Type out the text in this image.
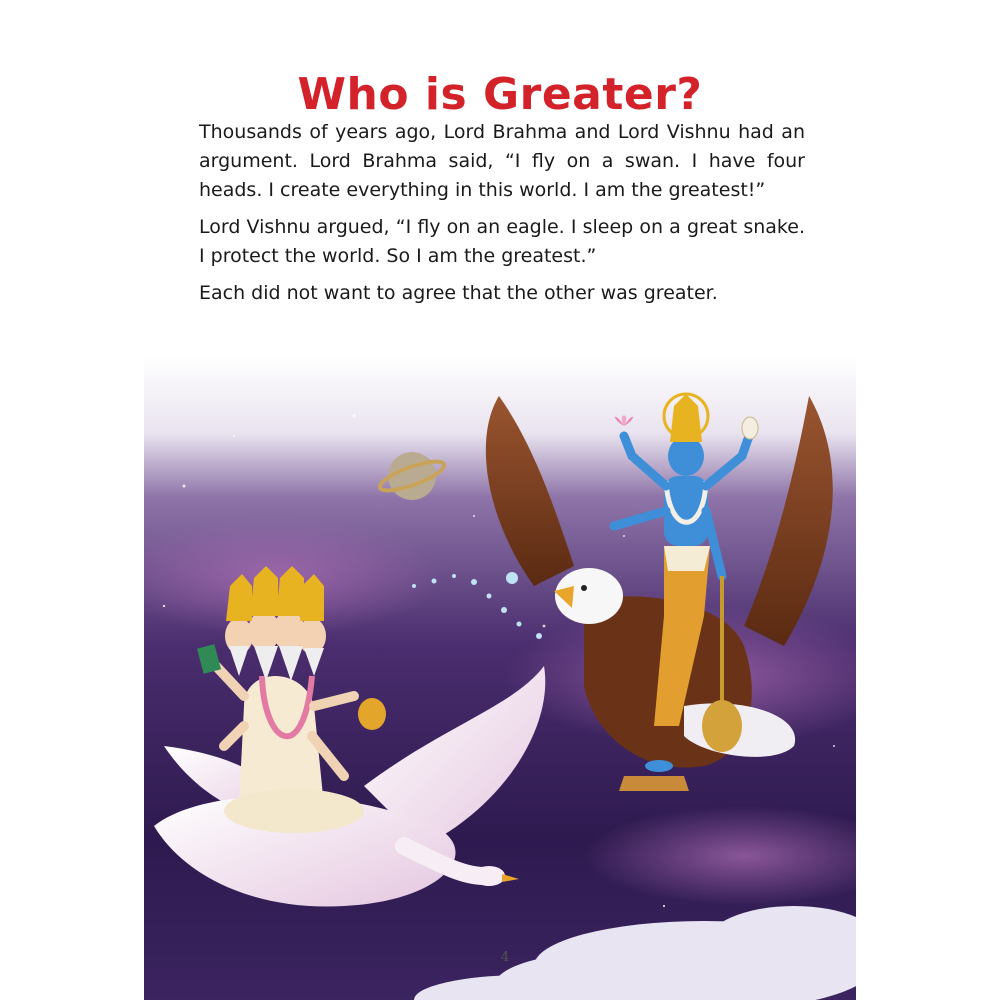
Who is Greater?

Thousands of years ago, Lord Brahma and Lord Vishnu had an argument. Lord Brahma said, “I fly on a swan. I have four heads. I create everything in this world. I am the greatest!”

Lord Vishnu argued, “I fly on an eagle. I sleep on a great snake. I protect the world. So I am the greatest.”

Each did not want to agree that the other was greater.

4
